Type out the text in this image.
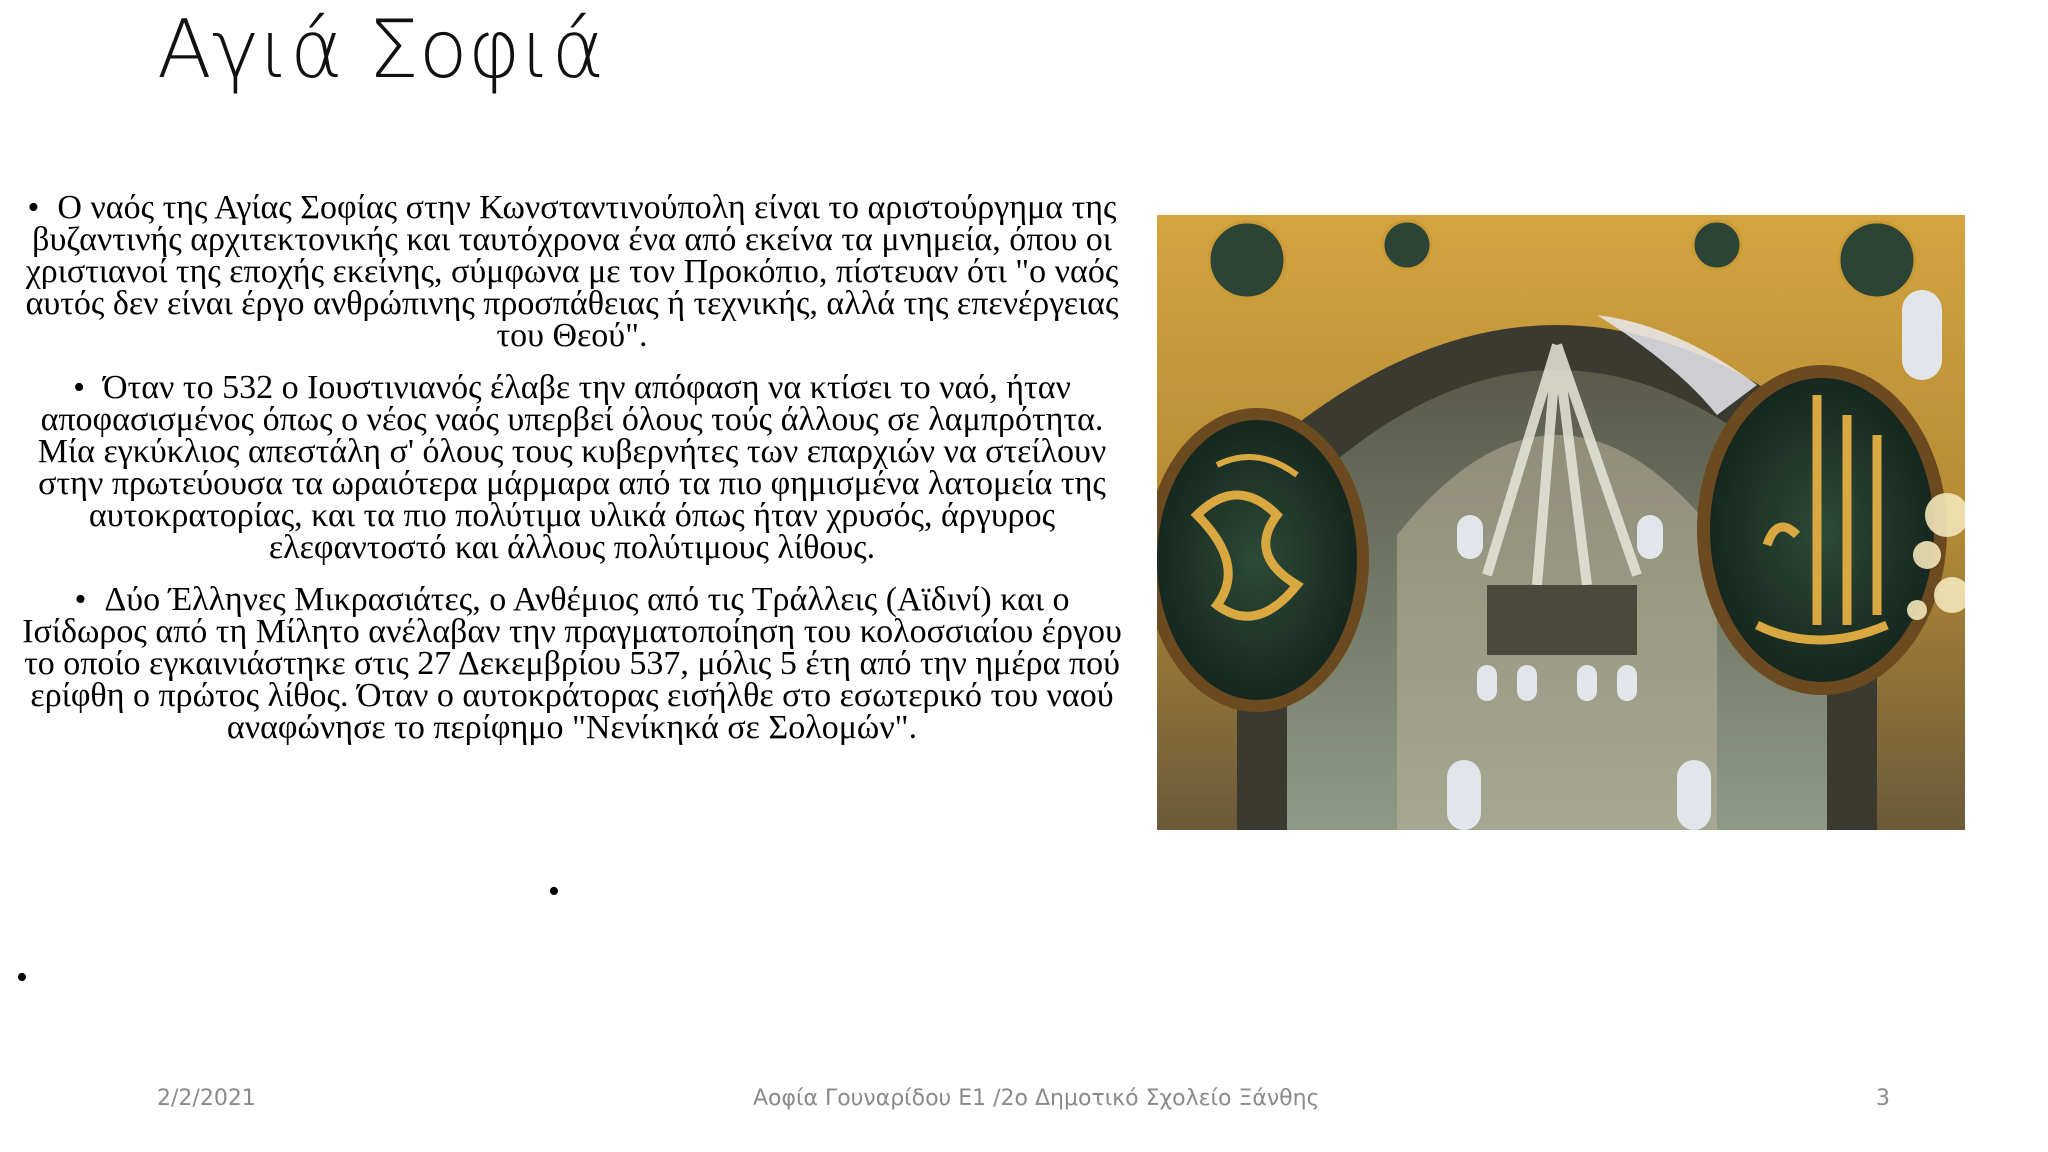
Αγιά Σοφιά

• Ο ναός της Αγίας Σοφίας στην Κωνσταντινούπολη είναι το αριστούργημα της βυζαντινής αρχιτεκτονικής και ταυτόχρονα ένα από εκείνα τα μνημεία, όπου οι χριστιανοί της εποχής εκείνης, σύμφωνα με τον Προκόπιο, πίστευαν ότι "ο ναός αυτός δεν είναι έργο ανθρώπινης προσπάθειας ή τεχνικής, αλλά της επενέργειας του Θεού".

• Όταν το 532 ο Ιουστινιανός έλαβε την απόφαση να κτίσει το ναό, ήταν αποφασισμένος όπως ο νέος ναός υπερβεί όλους τούς άλλους σε λαμπρότητα. Μία εγκύκλιος απεστάλη σ' όλους τους κυβερνήτες των επαρχιών να στείλουν στην πρωτεύουσα τα ωραιότερα μάρμαρα από τα πιο φημισμένα λατομεία της αυτοκρατορίας, και τα πιο πολύτιμα υλικά όπως ήταν χρυσός, άργυρος ελεφαντοστό και άλλους πολύτιμους λίθους.

• Δύο Έλληνες Μικρασιάτες, ο Ανθέμιος από τις Τράλλεις (Αϊδινί) και ο Ισίδωρος από τη Μίλητο ανέλαβαν την πραγματοποίηση του κολοσσιαίου έργου το οποίο εγκαινιάστηκε στις 27 Δεκεμβρίου 537, μόλις 5 έτη από την ημέρα πού ερίφθη ο πρώτος λίθος. Όταν ο αυτοκράτορας εισήλθε στο εσωτερικό του ναού αναφώνησε το περίφημο "Νενίκηκά σε Σολομών".

•
•
2/2/2021	Αοφία Γουναρίδου Ε1 /2ο Δημοτικό Σχολείο Ξάνθης	3
